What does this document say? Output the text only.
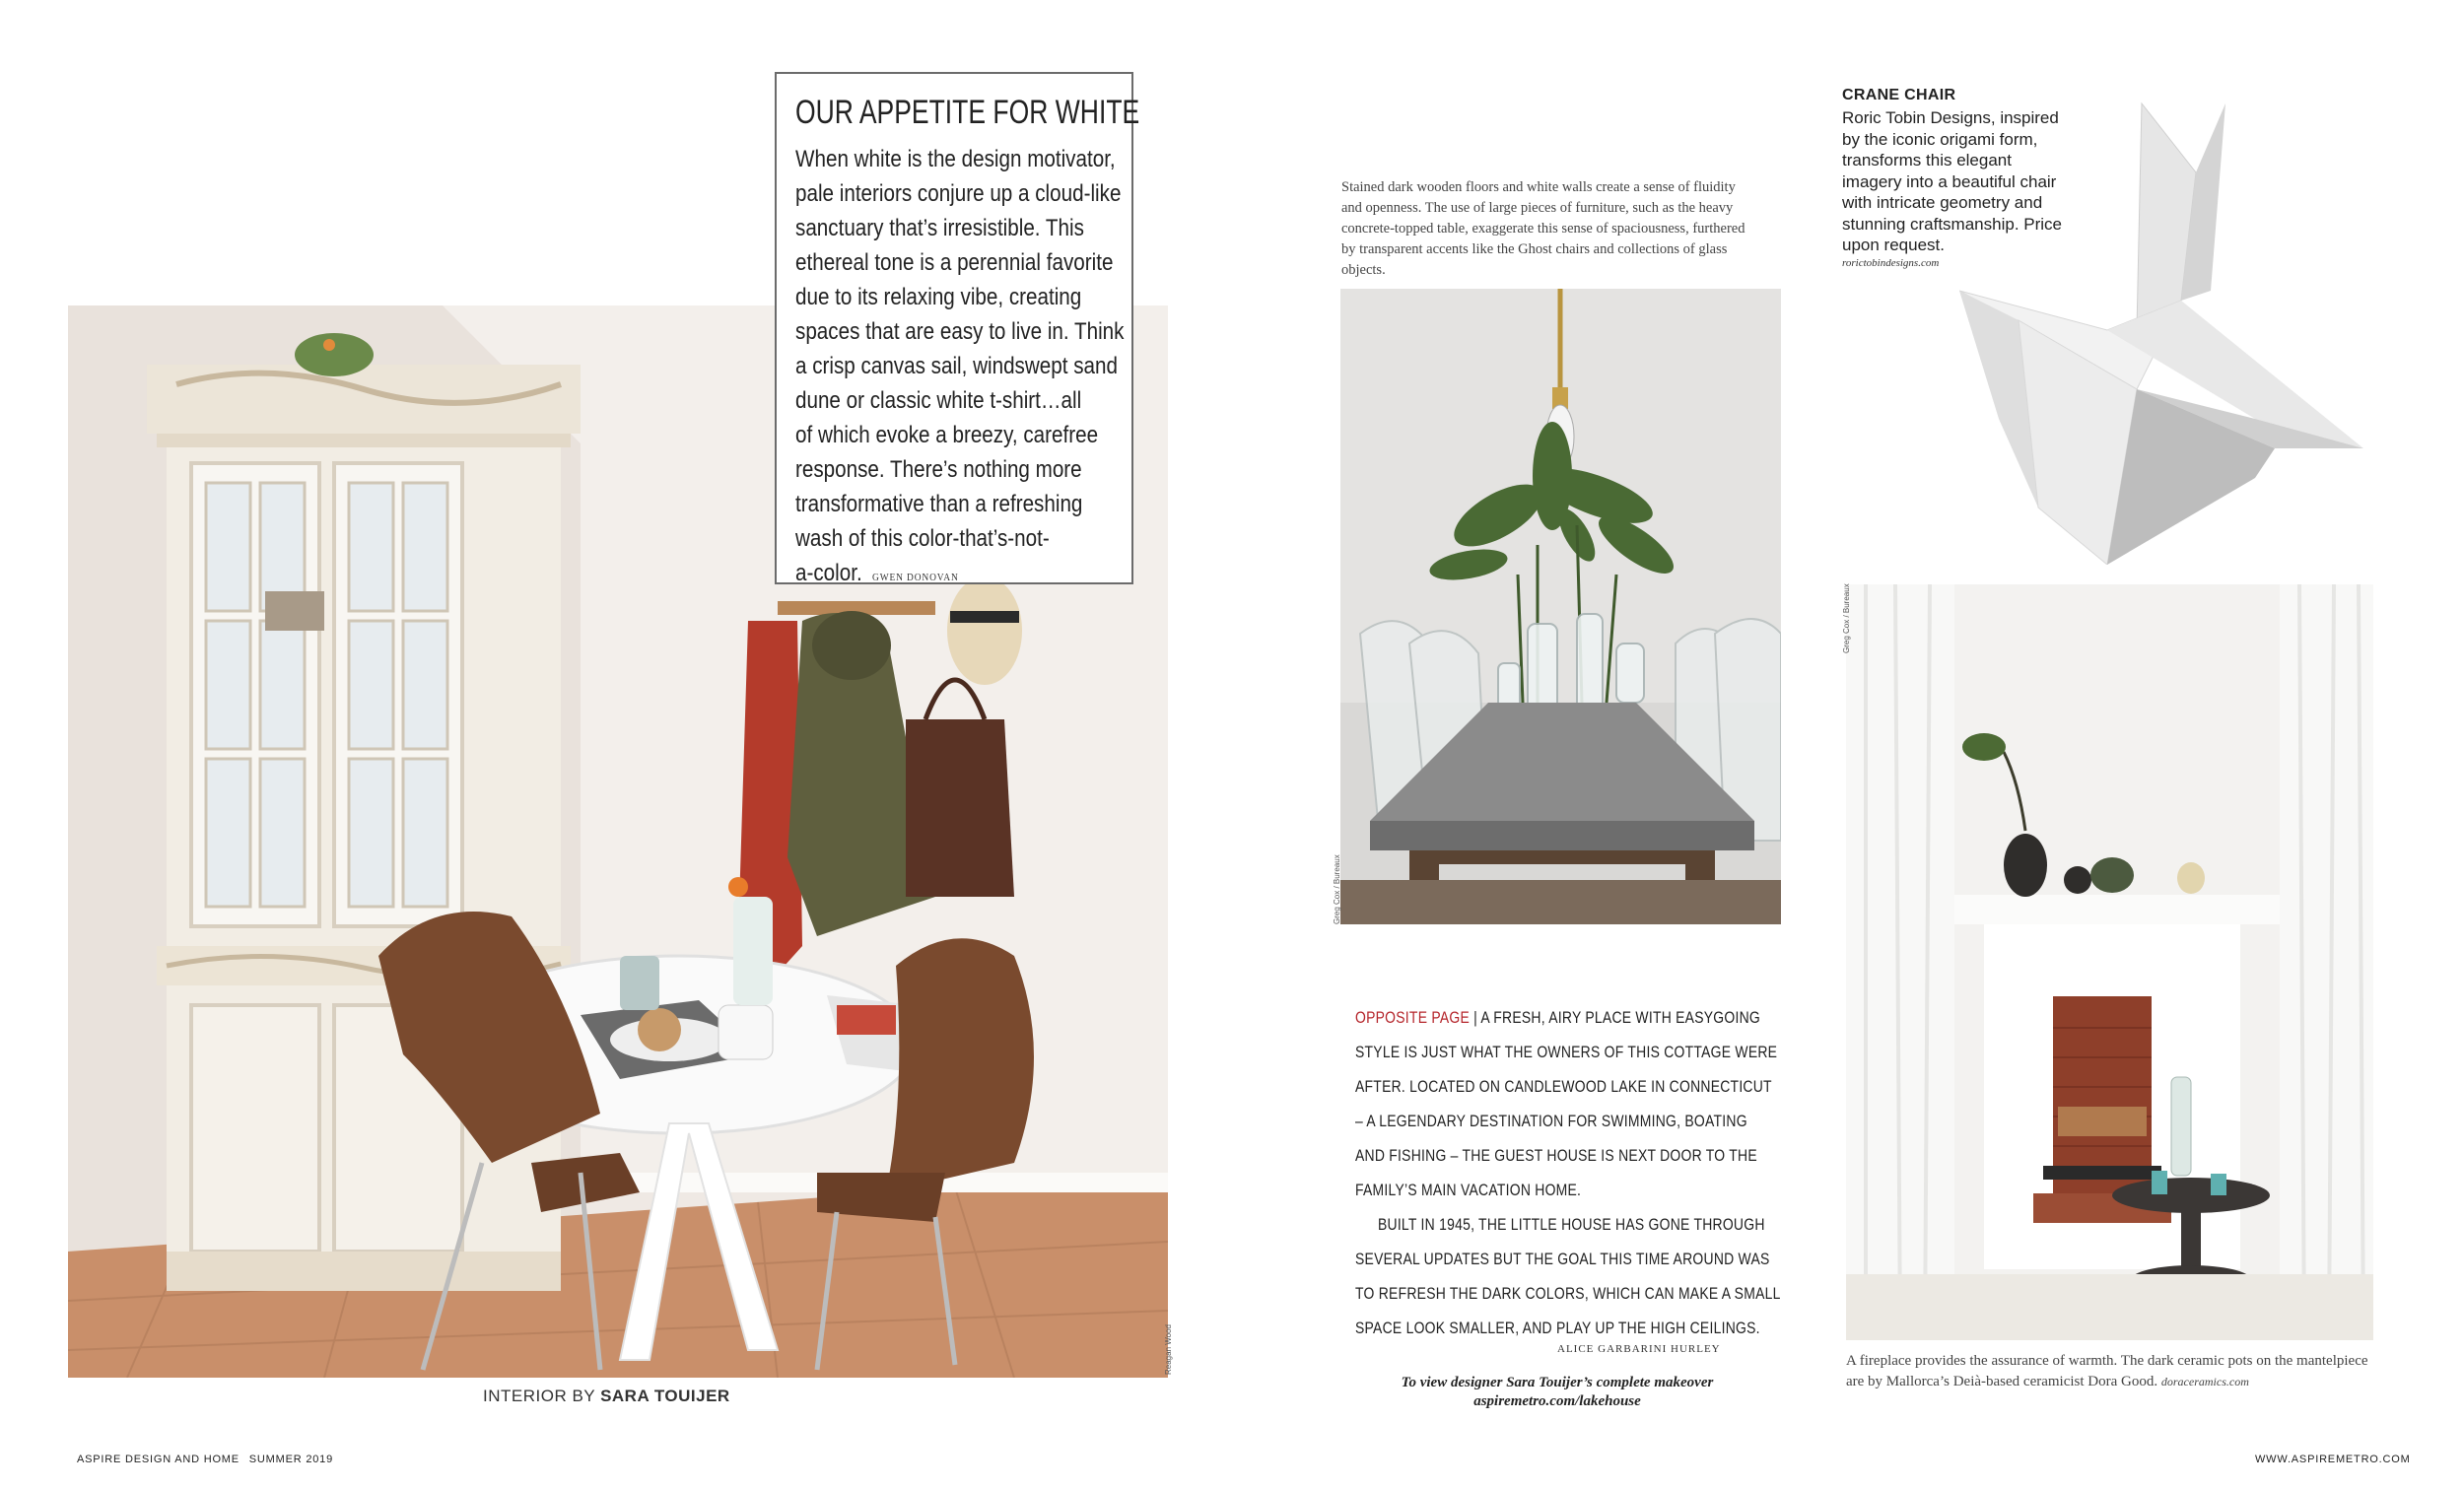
Reagan Wood
OUR APPETITE FOR WHITE
When white is the design motivator,
pale interiors conjure up a cloud-like
sanctuary that’s irresistible. This
ethereal tone is a perennial favorite
due to its relaxing vibe, creating
spaces that are easy to live in. Think
a crisp canvas sail, windswept sand
dune or classic white t-shirt…all
of which evoke a breezy, carefree
response. There’s nothing more
transformative than a refreshing
wash of this color-that’s-not-
a-color. GWEN DONOVAN
INTERIOR BY SARA TOUIJER
Stained dark wooden floors and white walls create a sense of fluidity and openness. The use of large pieces of furniture, such as the heavy concrete-topped table, exaggerate this sense of spaciousness, furthered by transparent accents like the Ghost chairs and collections of glass objects.
Greg Cox / Bureaux
OPPOSITE PAGE | A FRESH, AIRY PLACE WITH EASYGOING
STYLE IS JUST WHAT THE OWNERS OF THIS COTTAGE WERE
AFTER. LOCATED ON CANDLEWOOD LAKE IN CONNECTICUT
– A LEGENDARY DESTINATION FOR SWIMMING, BOATING
AND FISHING – THE GUEST HOUSE IS NEXT DOOR TO THE
FAMILY’S MAIN VACATION HOME.
BUILT IN 1945, THE LITTLE HOUSE HAS GONE THROUGH
SEVERAL UPDATES BUT THE GOAL THIS TIME AROUND WAS
TO REFRESH THE DARK COLORS, WHICH CAN MAKE A SMALL
SPACE LOOK SMALLER, AND PLAY UP THE HIGH CEILINGS.
ALICE GARBARINI HURLEY
To view designer Sara Touijer’s complete makeover
aspiremetro.com/lakehouse
CRANE CHAIR
Roric Tobin Designs, inspired by the iconic origami form, transforms this elegant imagery into a beautiful chair with intricate geometry and stunning craftsmanship. Price upon request.
rorictobindesigns.com
Greg Cox / Bureaux
A fireplace provides the assurance of warmth. The dark ceramic pots on the mantelpiece are by Mallorca’s Deià-based ceramicist Dora Good. doraceramics.com
ASPIRE DESIGN AND HOME SUMMER 2019	WWW.ASPIREMETRO.COM
